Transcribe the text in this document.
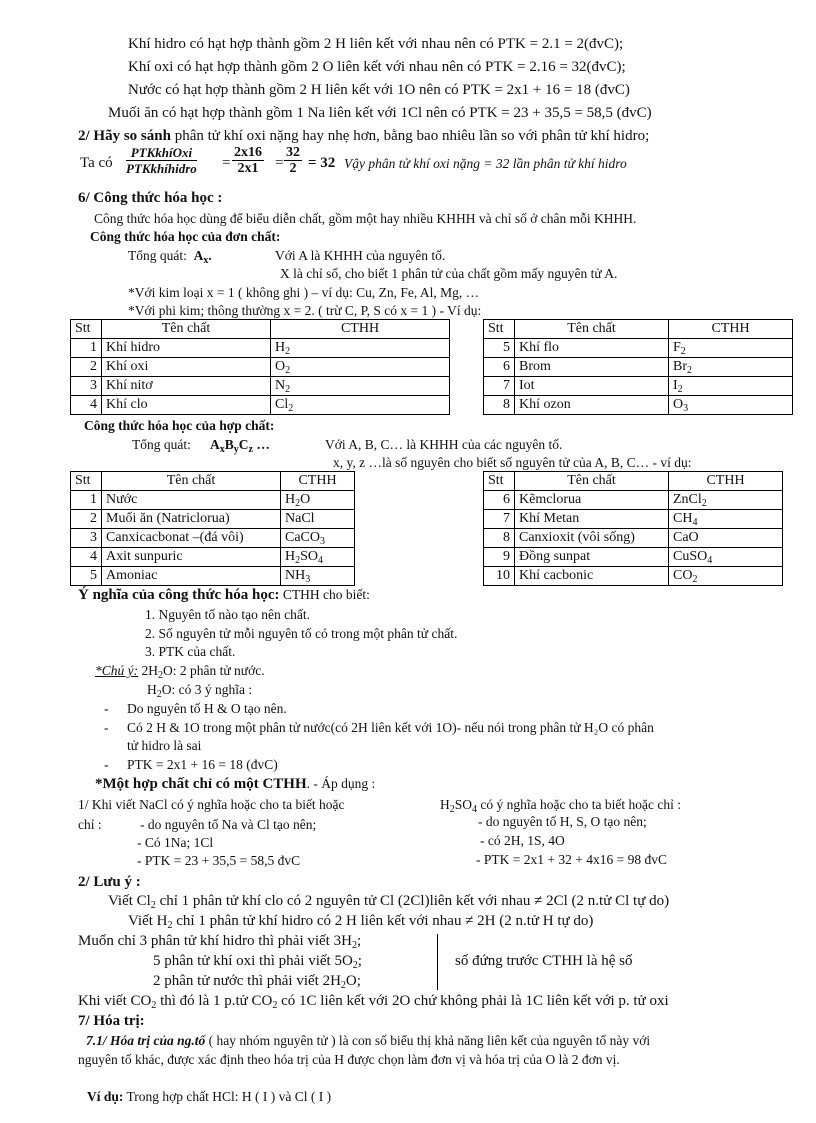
Khí hidro có hạt hợp thành gồm 2 H liên kết với nhau nên có PTK = 2.1 = 2(đvC);
Khí oxi có hạt hợp thành gồm 2 O liên kết với nhau nên có PTK = 2.16 = 32(đvC);
Nước có hạt hợp thành gồm 2 H liên kết với 1O nên có PTK = 2x1 + 16 = 18 (đvC)
Muối ăn có hạt hợp thành gồm 1 Na liên kết với 1Cl nên có PTK = 23 + 35,5 = 58,5 (đvC)
2/ Hãy so sánh phân tử khí oxi nặng hay nhẹ hơn, bằng bao nhiêu lần so với phân tử khí hidro;
Ta có
PTKkhíOxi
PTKkhíhidro = $\frac{2x16}{2x1} = \frac{32}{2} = 32$ Vậy phân tử khí oxi nặng = 32 lần phân tử khí hidro
6/ Công thức hóa học :
Công thức hóa học dùng để biểu diễn chất, gồm một hay nhiều KHHH và chỉ số ở chân mỗi KHHH.
Công thức hóa học của đơn chất:
Tổng quát: $A_x$.	Với A là KHHH của nguyên tố.
X là chỉ số, cho biết 1 phân tử của chất gồm mấy nguyên tử A.
*Với kim loại x = 1 ( không ghi ) – ví dụ: Cu, Zn, Fe, Al, Mg, …
*Với phi kim; thông thường x = 2. ( trừ C, P, S có x = 1 ) - Ví dụ:
Stt	Tên chất	CTHH
1	Khí hidro	$H_2$
2	Khí oxi	$O_2$
3	Khí nitơ	$N_2$
4	Khí clo	$Cl_2$
Stt	Tên chất	CTHH
5	Khí flo	$F_2$
6	Brom	$Br_2$
7	Iot	$I_2$
8	Khí ozon	$O_3$
Công thức hóa học của hợp chất:
Tổng quát: $A_xB_yC_z$ …	Với A, B, C… là KHHH của các nguyên tố.
x, y, z …là số nguyên cho biết số nguyên tử của A, B, C… - ví dụ:
Stt	Tên chất	CTHH
1	Nước	$H_2O$
2	Muối ăn (Natriclorua)	NaCl
3	Canxicacbonat –(đá vôi)	CaCO$_3$
4	Axit sunpuric	$H_2SO_4$
5	Amoniac	$NH_3$
Stt	Tên chất	CTHH
6	Kẽmclorua	ZnCl$_2$
7	Khí Metan	$CH_4$
8	Canxioxit (vôi sống)	CaO
9	Đồng sunpat	CuSO$_4$
10	Khí cacbonic	$CO_2$
Ý nghĩa của công thức hóa học: CTHH cho biết:
1. Nguyên tố nào tạo nên chất.
2. Số nguyên tử mỗi nguyên tố có trong một phân tử chất.
3. PTK của chất.
*Chú ý: $2H_2O$: 2 phân tử nước.
$H_2O$: có 3 ý nghĩa :
- Do nguyên tố H & O tạo nên.
- Có 2 H & 1O trong một phân tử nước(có 2H liên kết với 1O)- nếu nói trong phân tử H₂O có phân
tử hidro là sai
- PTK = 2x1 + 16 = 18 (đvC)
*Một hợp chất chỉ có một CTHH. - Áp dụng :
1/ Khi viết NaCl có ý nghĩa hoặc cho ta biết hoặc	$H_2SO_4$ có ý nghĩa hoặc cho ta biết hoặc chỉ :
chỉ :	- do nguyên tố Na và Cl tạo nên;
- Có 1Na; 1Cl
- PTK = 23 + 35,5 = 58,5 đvC
- do nguyên tố H, S, O tạo nên;
- có 2H, 1S, 4O
- PTK = 2x1 + 32 + 4x16 = 98 đvC
2/ Lưu ý :
Viết $Cl_2$ chỉ 1 phân tử khí clo có 2 nguyên tử Cl (2Cl)liên kết với nhau ≠ 2Cl (2 n.tử Cl tự do)
Viết $H_2$ chỉ 1 phân tử khí hidro có 2 H liên kết với nhau ≠ 2H (2 n.tử H tự do)
Muốn chỉ 3 phân tử khí hidro thì phải viết $3H_2$;
5 phân tử khí oxi thì phải viết $5O_2$;
2 phân tử nước thì phải viết $2H_2O$;
số đứng trước CTHH là hệ số
Khi viết $CO_2$ thì đó là 1 p.tử $CO_2$ có 1C liên kết với 2O chứ không phải là 1C liên kết với p. tử oxi
7/ Hóa trị:
7.1/ Hóa trị của ng.tố ( hay nhóm nguyên tử ) là con số biểu thị khả năng liên kết của nguyên tố này với
nguyên tố khác, được xác định theo hóa trị của H được chọn làm đơn vị và hóa trị của O là 2 đơn vị.
Ví dụ: Trong hợp chất HCl: H ( I ) và Cl ( I )
